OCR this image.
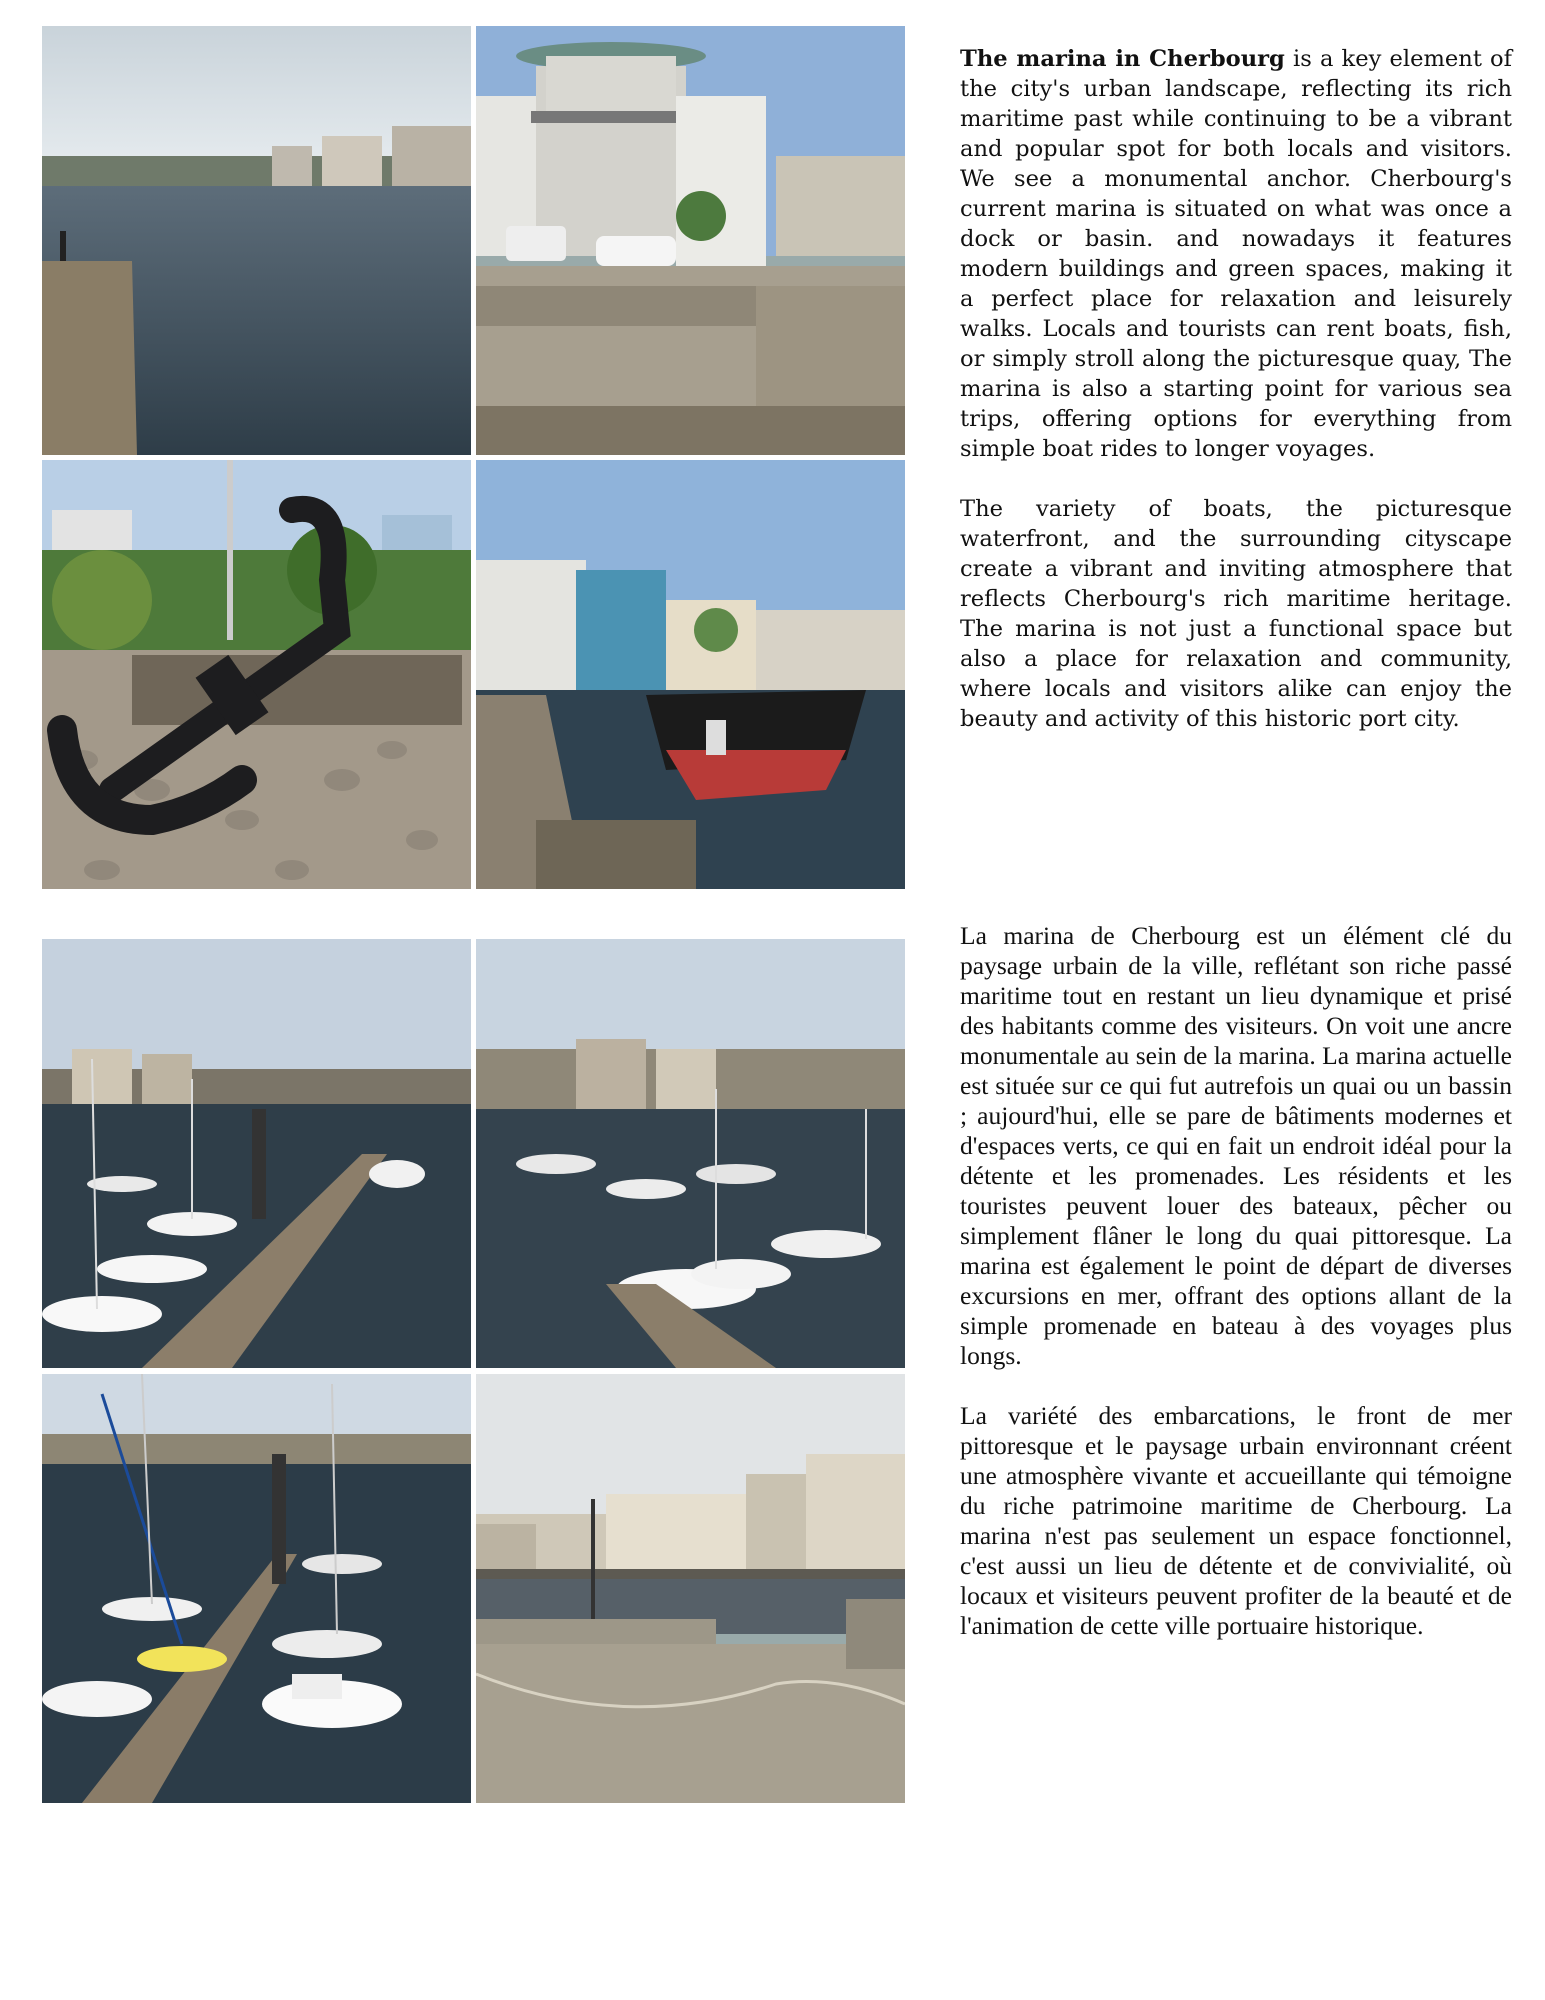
The marina in Cherbourg is a key element of the city's urban landscape, reflecting its rich maritime past while continuing to be a vibrant and popular spot for both locals and visitors. We see a monumental anchor. Cherbourg's current marina is situated on what was once a dock or basin. and nowadays it features modern buildings and green spaces, making it a perfect place for relaxation and leisurely walks. Locals and tourists can rent boats, fish, or simply stroll along the picturesque quay, The marina is also a starting point for various sea trips, offering options for everything from simple boat rides to longer voyages.

The variety of boats, the picturesque waterfront, and the surrounding cityscape create a vibrant and inviting atmosphere that reflects Cherbourg's rich maritime heritage. The marina is not just a functional space but also a place for relaxation and community, where locals and visitors alike can enjoy the beauty and activity of this historic port city.

La marina de Cherbourg est un élément clé du paysage urbain de la ville, reflétant son riche passé maritime tout en restant un lieu dynamique et prisé des habitants comme des visiteurs. On voit une ancre monumentale au sein de la marina. La marina actuelle est située sur ce qui fut autrefois un quai ou un bassin ; aujourd'hui, elle se pare de bâtiments modernes et d'espaces verts, ce qui en fait un endroit idéal pour la détente et les promenades. Les résidents et les touristes peuvent louer des bateaux, pêcher ou simplement flâner le long du quai pittoresque. La marina est également le point de départ de diverses excursions en mer, offrant des options allant de la simple promenade en bateau à des voyages plus longs.

La variété des embarcations, le front de mer pittoresque et le paysage urbain environnant créent une atmosphère vivante et accueillante qui témoigne du riche patrimoine maritime de Cherbourg. La marina n'est pas seulement un espace fonctionnel, c'est aussi un lieu de détente et de convivialité, où locaux et visiteurs peuvent profiter de la beauté et de l'animation de cette ville portuaire historique.
